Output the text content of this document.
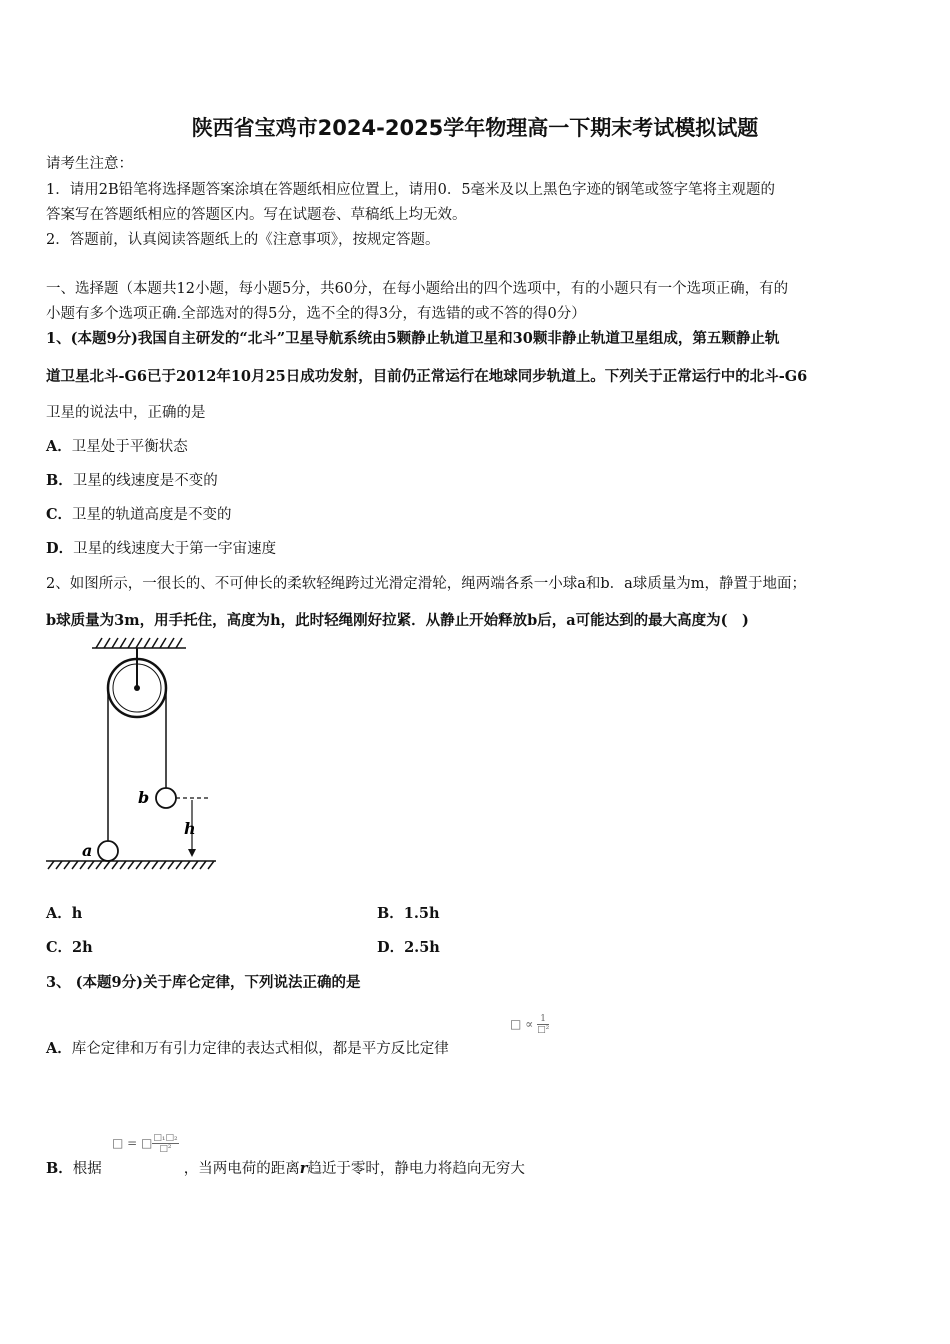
陕西省宝鸡市2024-2025学年物理高一下期末考试模拟试题
请考生注意：
1．请用2B铅笔将选择题答案涂填在答题纸相应位置上，请用0．5毫米及以上黑色字迹的钢笔或签字笔将主观题的
答案写在答题纸相应的答题区内。写在试题卷、草稿纸上均无效。
2．答题前，认真阅读答题纸上的《注意事项》，按规定答题。
一、选择题（本题共12小题，每小题5分，共60分，在每小题给出的四个选项中，有的小题只有一个选项正确，有的
小题有多个选项正确.全部选对的得5分，选不全的得3分，有选错的或不答的得0分）
1、(本题9分)我国自主研发的“北斗”卫星导航系统由5颗静止轨道卫星和30颗非静止轨道卫星组成，第五颗静止轨
道卫星北斗-G6已于2012年10月25日成功发射，目前仍正常运行在地球同步轨道上。下列关于正常运行中的北斗-G6
卫星的说法中，正确的是
A．卫星处于平衡状态
B．卫星的线速度是不变的
C．卫星的轨道高度是不变的
D．卫星的线速度大于第一宇宙速度
2、如图所示，一很长的、不可伸长的柔软轻绳跨过光滑定滑轮，绳两端各系一小球a和b．a球质量为m，静置于地面；
b球质量为3m，用手托住，高度为h，此时轻绳刚好拉紧．从静止开始释放b后，a可能达到的最大高度为(　)
b
h
a
A．h	B．1.5h
C．2h	D．2.5h
3、 (本题9分)关于库仑定律，下列说法正确的是
□ ∝ $\frac{1}{\text{□²}}$
A．库仑定律和万有引力定律的表达式相似，都是平方反比定律
□ = □ $\frac{\text{□₁□₂}}{\text{□²}}$
B．根据	，当两电荷的距离r趋近于零时，静电力将趋向无穷大
